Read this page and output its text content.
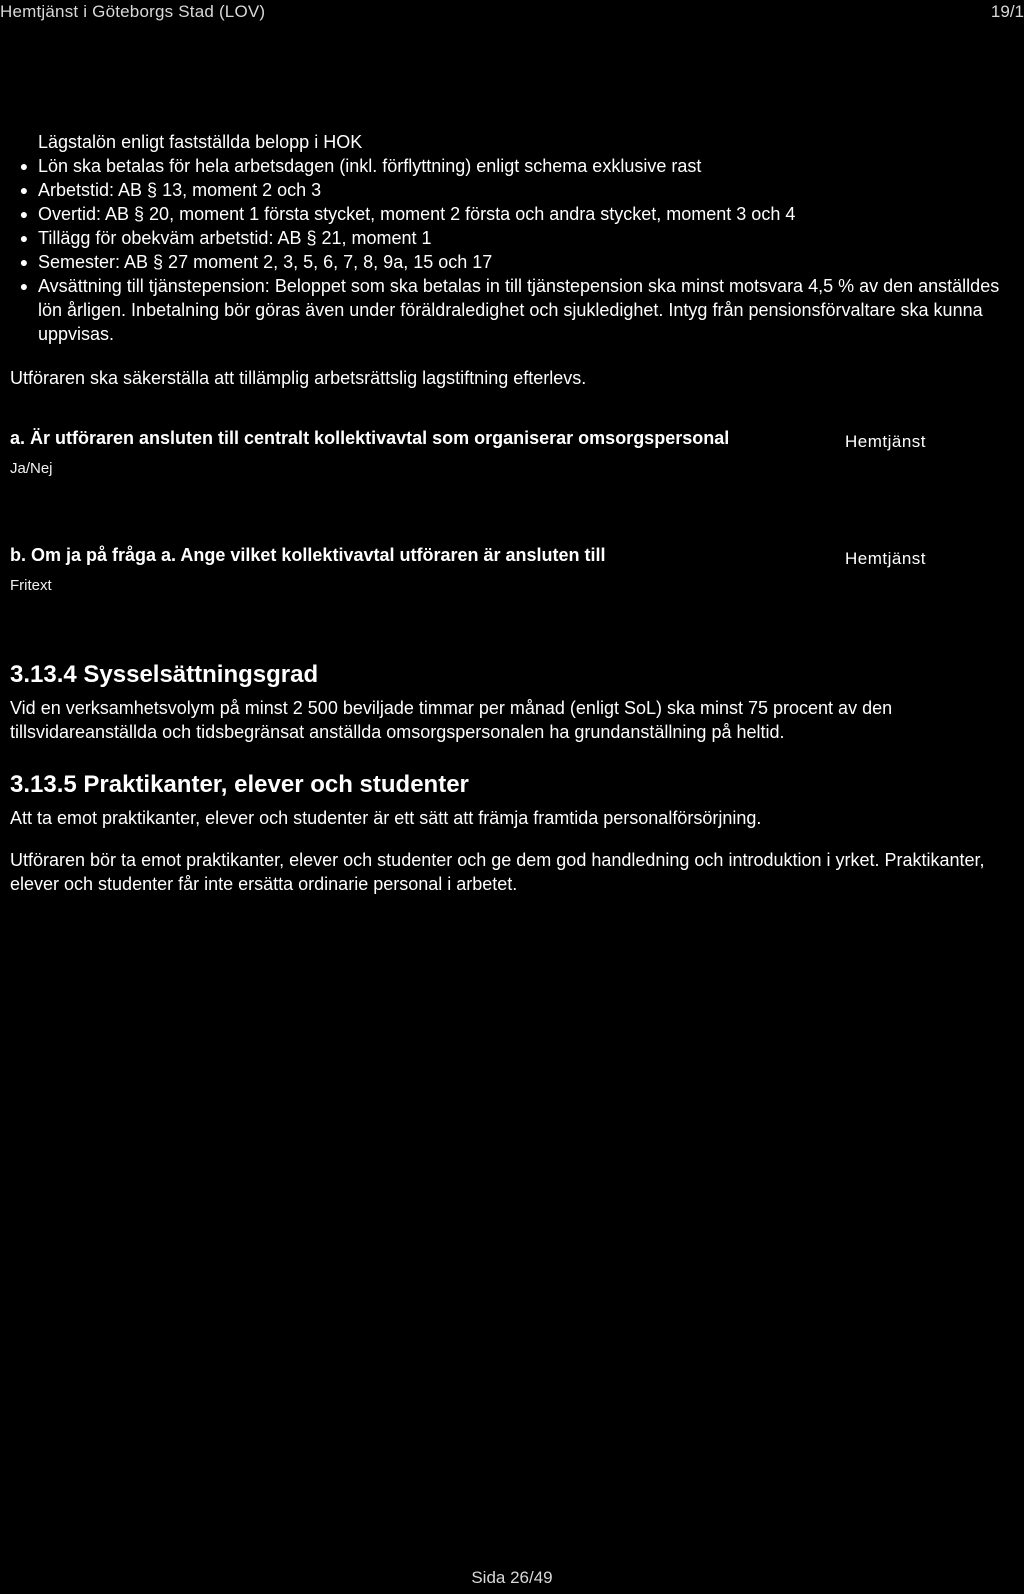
Hemtjänst i Göteborgs Stad (LOV)	19/1

Lägstalön enligt fastställda belopp i HOK

● Lön ska betalas för hela arbetsdagen (inkl. förflyttning) enligt schema exklusive rast
● Arbetstid: AB § 13, moment 2 och 3
● Overtid: AB § 20, moment 1 första stycket, moment 2 första och andra stycket, moment 3 och 4
● Tillägg för obekväm arbetstid: AB § 21, moment 1
● Semester: AB § 27 moment 2, 3, 5, 6, 7, 8, 9a, 15 och 17
● Avsättning till tjänstepension: Beloppet som ska betalas in till tjänstepension ska minst motsvara 4,5 % av den anställdes lön årligen. Inbetalning bör göras även under föräldraledighet och sjukledighet. Intyg från pensionsförvaltare ska kunna uppvisas.

Utföraren ska säkerställa att tillämplig arbetsrättslig lagstiftning efterlevs.

a. Är utföraren ansluten till centralt kollektivavtal som organiserar omsorgspersonal
Ja/Nej
Hemtjänst
b. Om ja på fråga a. Ange vilket kollektivavtal utföraren är ansluten till
Fritext
Hemtjänst
3.13.4 Sysselsättningsgrad

Vid en verksamhetsvolym på minst 2 500 beviljade timmar per månad (enligt SoL) ska minst 75 procent av den tillsvidareanställda och tidsbegränsat anställda omsorgspersonalen ha grundanställning på heltid.

3.13.5 Praktikanter, elever och studenter

Att ta emot praktikanter, elever och studenter är ett sätt att främja framtida personalförsörjning.

Utföraren bör ta emot praktikanter, elever och studenter och ge dem god handledning och introduktion i yrket. Praktikanter, elever och studenter får inte ersätta ordinarie personal i arbetet.

Sida 26/49
